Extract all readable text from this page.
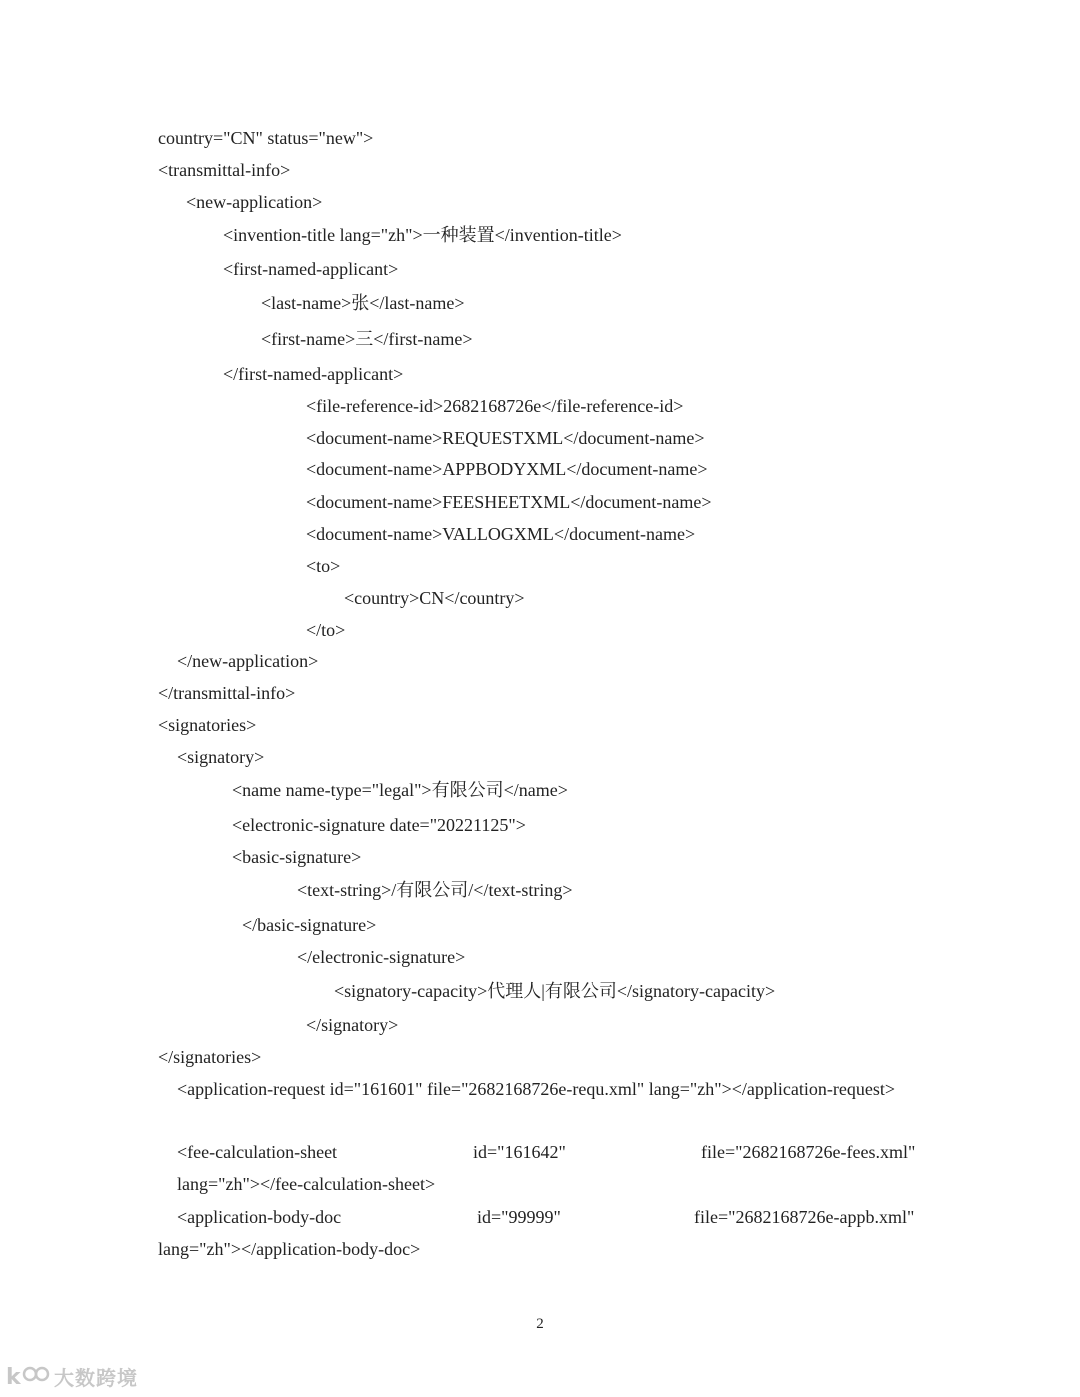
country="CN" status="new">
<transmittal-info>
<new-application>
<invention-title lang="zh">一种装置</invention-title>
<first-named-applicant>
<last-name>张</last-name>
<first-name>三</first-name>
</first-named-applicant>
<file-reference-id>2682168726e</file-reference-id>
<document-name>REQUESTXML</document-name>
<document-name>APPBODYXML</document-name>
<document-name>FEESHEETXML</document-name>
<document-name>VALLOGXML</document-name>
<to>
<country>CN</country>
</to>
</new-application>
</transmittal-info>
<signatories>
<signatory>
<name name-type="legal">有限公司</name>
<electronic-signature date="20221125">
<basic-signature>
<text-string>/有限公司/</text-string>
</basic-signature>
</electronic-signature>
<signatory-capacity>代理人|有限公司</signatory-capacity>
</signatory>
</signatories>
<application-request id="161601" file="2682168726e-requ.xml" lang="zh"></application-request>
<fee-calculation-sheet	id="161642"	file="2682168726e-fees.xml"
lang="zh"></fee-calculation-sheet>
<application-body-doc	id="99999"	file="2682168726e-appb.xml"
lang="zh"></application-body-doc>
2
k 大数跨境
